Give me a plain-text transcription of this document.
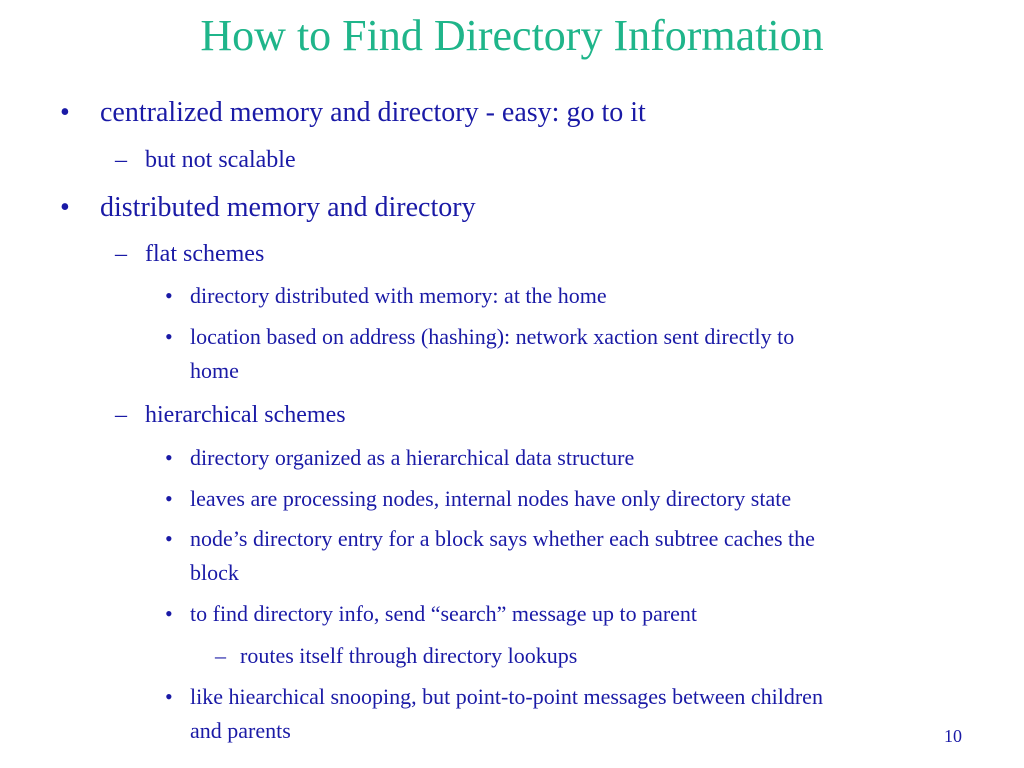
How to Find Directory Information
• centralized memory and directory - easy: go to it
– but not scalable
• distributed memory and directory
– flat schemes
• directory distributed with memory: at the home
• location based on address (hashing): network xaction sent directly to
home
– hierarchical schemes
• directory organized as a hierarchical data structure
• leaves are processing nodes, internal nodes have only directory state
• node’s directory entry for a block says whether each subtree caches the
block
• to find directory info, send “search” message up to parent
– routes itself through directory lookups
• like hiearchical snooping, but point-to-point messages between children
and parents	10
